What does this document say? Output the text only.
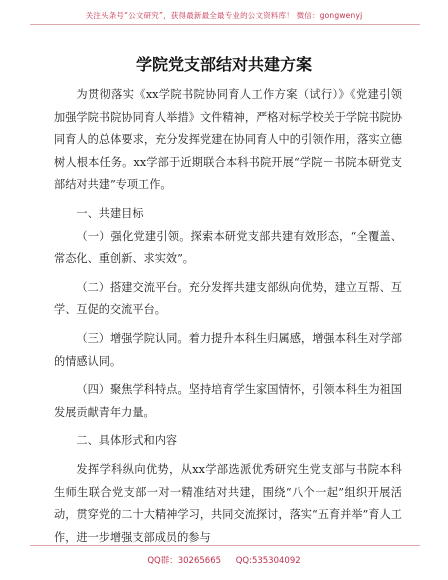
关注头条号“公文研究”，获得最新最全最专业的公文资料库！ 微信：gongwenyj
学院党支部结对共建方案

为贯彻落实《xx学院书院协同育人工作方案（试行）》《党建引领加强学院书院协同育人举措》文件精神，严格对标学校关于学院书院协同育人的总体要求，充分发挥党建在协同育人中的引领作用，落实立德树人根本任务。xx学部于近期联合本科书院开展“学院－书院本研党支部结对共建”专项工作。

一、共建目标

（一）强化党建引领。探索本研党支部共建有效形态，“全覆盖、常态化、重创新、求实效”。

（二）搭建交流平台。充分发挥共建支部纵向优势，建立互帮、互学、互促的交流平台。

（三）增强学院认同。着力提升本科生归属感，增强本科生对学部的情感认同。

（四）聚焦学科特点。坚持培育学生家国情怀，引领本科生为祖国发展贡献青年力量。

二、具体形式和内容

发挥学科纵向优势，从xx学部选派优秀研究生党支部与书院本科生师生联合党支部一对一精准结对共建，围绕“八个一起”组织开展活动，贯穿党的二十大精神学习，共同交流探讨，落实“五育并举”育人工作，进一步增强支部成员的参与

QQ群：30265665 QQ:535304092
